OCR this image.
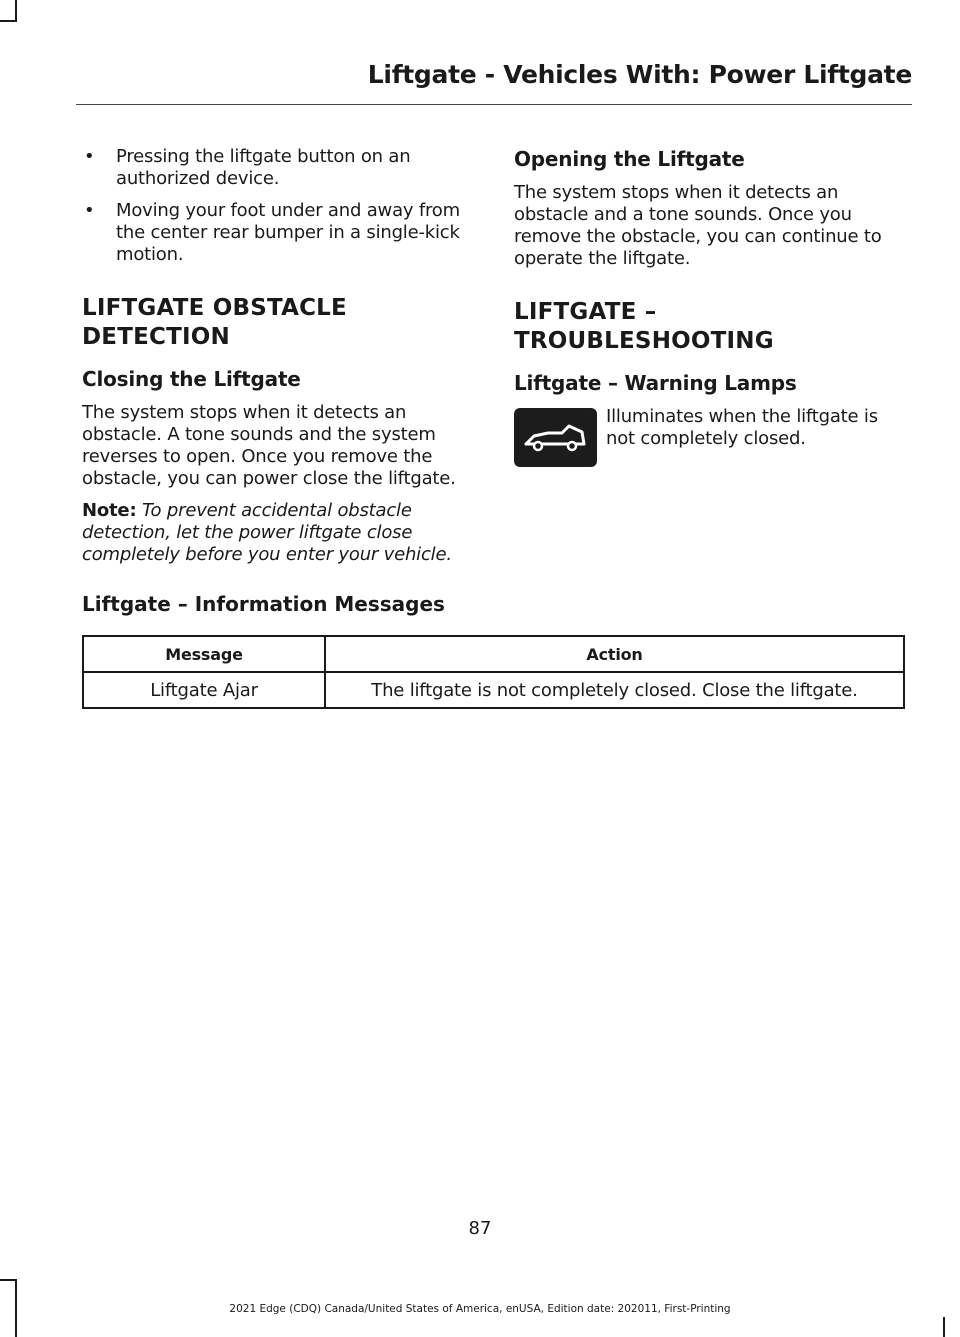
Liftgate - Vehicles With: Power Liftgate
• Pressing the liftgate button on an authorized device.
• Moving your foot under and away from the center rear bumper in a single-kick motion.
LIFTGATE OBSTACLE DETECTION
Closing the Liftgate

The system stops when it detects an obstacle. A tone sounds and the system reverses to open. Once you remove the obstacle, you can power close the liftgate.

Note: To prevent accidental obstacle detection, let the power liftgate close completely before you enter your vehicle.

Opening the Liftgate

The system stops when it detects an obstacle and a tone sounds. Once you remove the obstacle, you can continue to operate the liftgate.

LIFTGATE – TROUBLESHOOTING
Liftgate – Warning Lamps
Illuminates when the liftgate is not completely closed.
Liftgate – Information Messages
Message	Action
Liftgate Ajar	The liftgate is not completely closed. Close the liftgate.
87
2021 Edge (CDQ) Canada/United States of America, enUSA, Edition date: 202011, First-Printing
